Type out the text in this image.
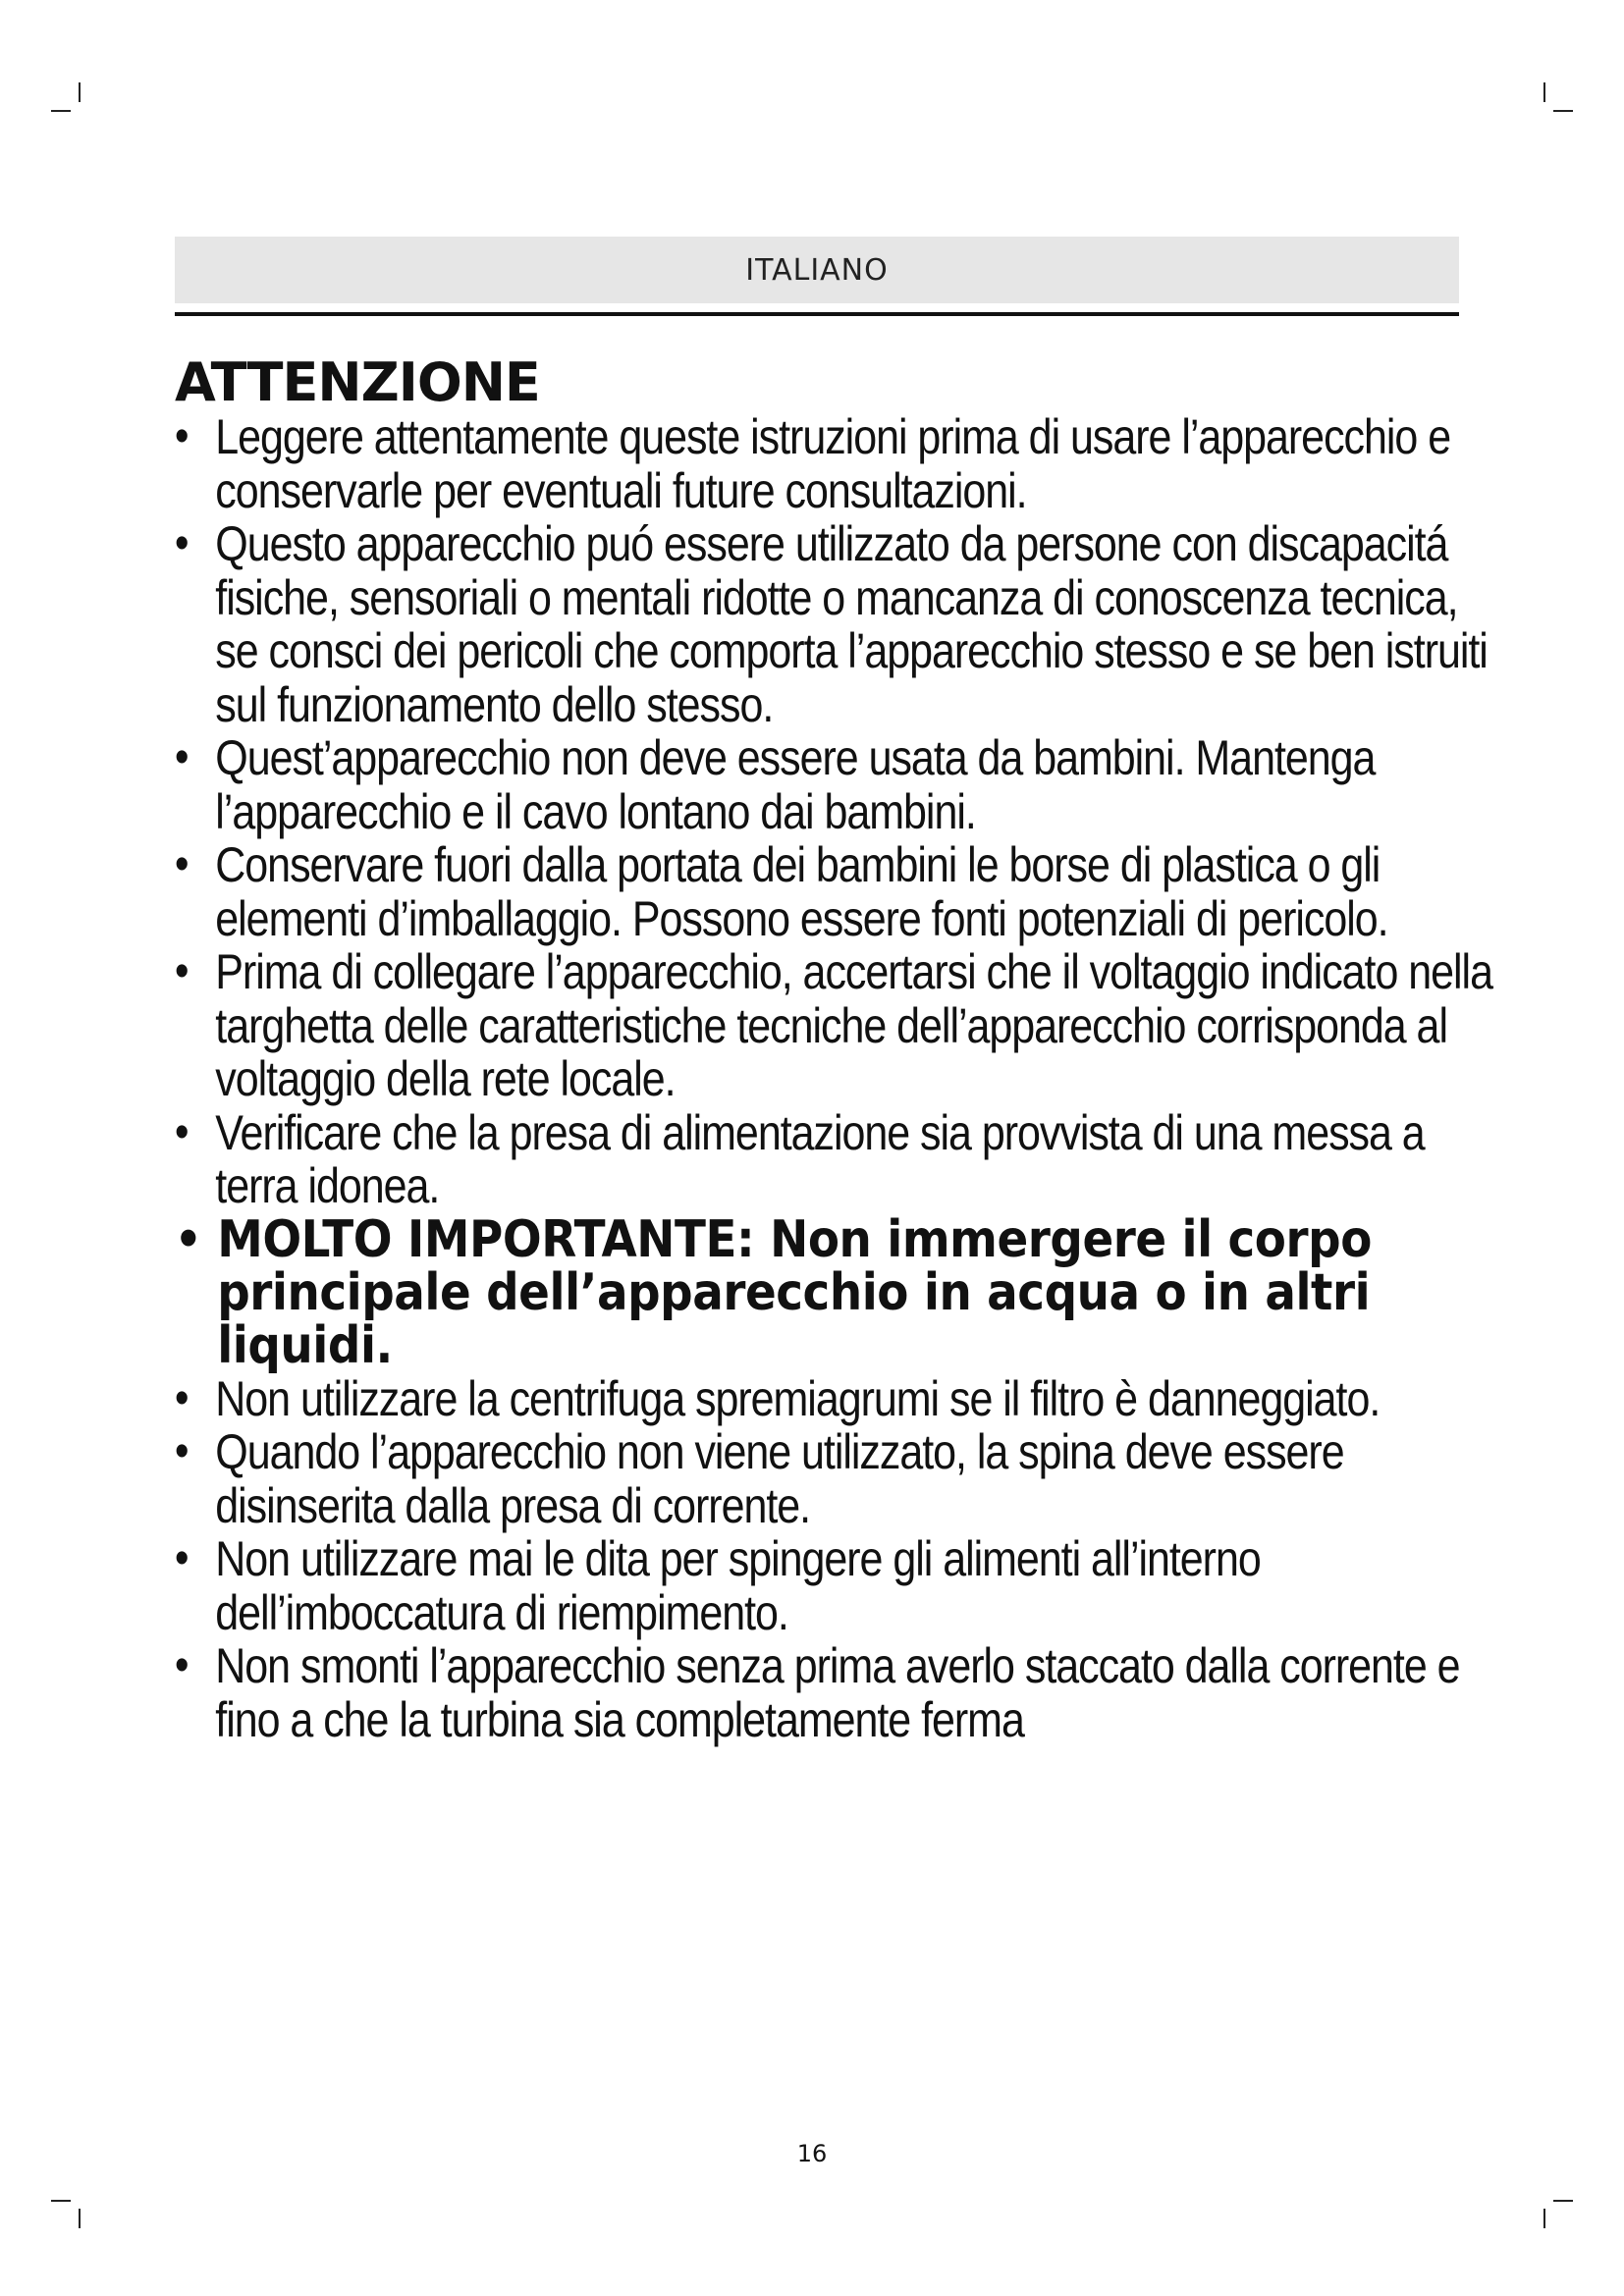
ITALIANO
ATTENZIONE
• Leggere attentamente queste istruzioni prima di usare l’apparecchio e conservarle per eventuali future consultazioni.
• Questo apparecchio puó essere utilizzato da persone con discapacitá fisiche, sensoriali o mentali ridotte o mancanza di conoscenza tecnica, se consci dei pericoli che comporta l’apparecchio stesso e se ben istruiti sul funzionamento dello stesso.
• Quest’apparecchio non deve essere usata da bambini. Mantenga l’apparecchio e il cavo lontano dai bambini.
• Conservare fuori dalla portata dei bambini le borse di plastica o gli elementi d’imballaggio. Possono essere fonti potenziali di pericolo.
• Prima di collegare l’apparecchio, accertarsi che il voltaggio indicato nella targhetta delle caratteristiche tecniche dell’apparecchio corrisponda al voltaggio della rete locale.
• Verificare che la presa di alimentazione sia provvista di una messa a terra idonea.
• MOLTO IMPORTANTE: Non immergere il corpo principale dell’apparecchio in acqua o in altri liquidi.
• Non utilizzare la centrifuga spremiagrumi se il filtro è danneggiato.
• Quando l’apparecchio non viene utilizzato, la spina deve essere disinserita dalla presa di corrente.
• Non utilizzare mai le dita per spingere gli alimenti all’interno dell’imboccatura di riempimento.
• Non smonti l’apparecchio senza prima averlo staccato dalla corrente e fino a che la turbina sia completamente ferma
16
